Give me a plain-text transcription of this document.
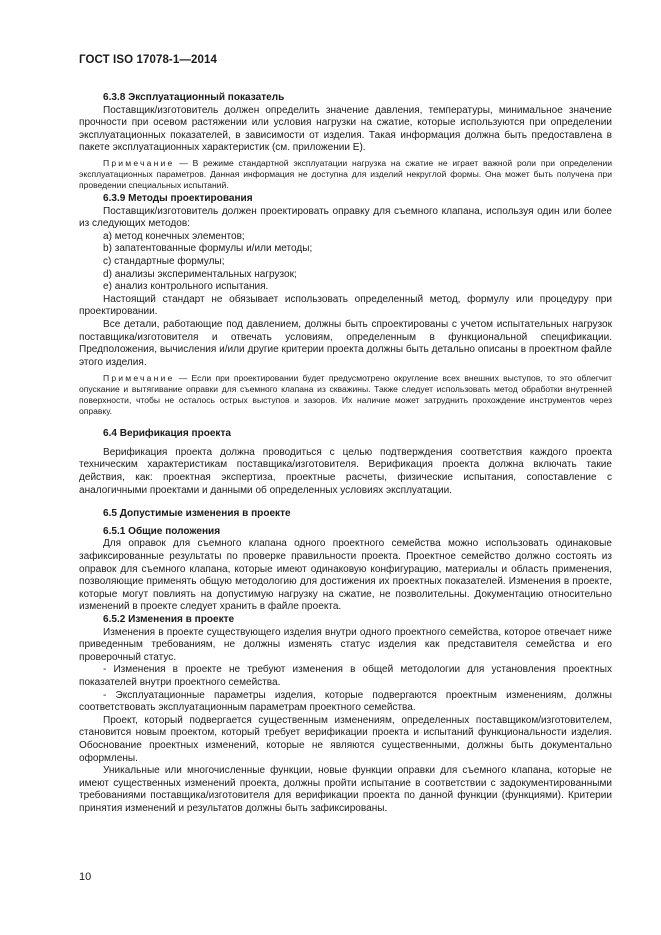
ГОСТ ISO 17078-1—2014

6.3.8 Эксплуатационный показатель

Поставщик/изготовитель должен определить значение давления, температуры, минимальное значение прочности при осевом растяжении или условия нагрузки на сжатие, которые используются при определении эксплуатационных показателей, в зависимости от изделия. Такая информация должна быть предоставлена в пакете эксплуатационных характеристик (см. приложении E).

Примечание — В режиме стандартной эксплуатации нагрузка на сжатие не играет важной роли при определении эксплуатационных параметров. Данная информация не доступна для изделий некруглой формы. Она может быть получена при проведении специальных испытаний.

6.3.9 Методы проектирования

Поставщик/изготовитель должен проектировать оправку для съемного клапана, используя один или более из следующих методов:

a) метод конечных элементов;

b) запатентованные формулы и/или методы;

c) стандартные формулы;

d) анализы экспериментальных нагрузок;

e) анализ контрольного испытания.

Настоящий стандарт не обязывает использовать определенный метод, формулу или процедуру при проектировании.

Все детали, работающие под давлением, должны быть спроектированы с учетом испытательных нагрузок поставщика/изготовителя и отвечать условиям, определенным в функциональной спецификации. Предположения, вычисления и/или другие критерии проекта должны быть детально описаны в проектном файле этого изделия.

Примечание — Если при проектировании будет предусмотрено округление всех внешних выступов, то это облегчит опускание и вытягивание оправки для съемного клапана из скважины. Также следует использовать метод обработки внутренней поверхности, чтобы не осталось острых выступов и зазоров. Их наличие может затруднить прохождение инструментов через оправку.

6.4 Верификация проекта

Верификация проекта должна проводиться с целью подтверждения соответствия каждого проекта техническим характеристикам поставщика/изготовителя. Верификация проекта должна включать такие действия, как: проектная экспертиза, проектные расчеты, физические испытания, сопоставление с аналогичными проектами и данными об определенных условиях эксплуатации.

6.5 Допустимые изменения в проекте

6.5.1 Общие положения

Для оправок для съемного клапана одного проектного семейства можно использовать одинаковые зафиксированные результаты по проверке правильности проекта. Проектное семейство должно состоять из оправок для съемного клапана, которые имеют одинаковую конфигурацию, материалы и область применения, позволяющие применять общую методологию для достижения их проектных показателей. Изменения в проекте, которые могут повлиять на допустимую нагрузку на сжатие, не позволительны. Документацию относительно изменений в проекте следует хранить в файле проекта.

6.5.2 Изменения в проекте

Изменения в проекте существующего изделия внутри одного проектного семейства, которое отвечает ниже приведенным требованиям, не должны изменять статус изделия как представителя семейства и его проверочный статус.

- Изменения в проекте не требуют изменения в общей методологии для установления проектных показателей внутри проектного семейства.

- Эксплуатационные параметры изделия, которые подвергаются проектным изменениям, должны соответствовать эксплуатационным параметрам проектного семейства.

Проект, который подвергается существенным изменениям, определенных поставщиком/изготовителем, становится новым проектом, который требует верификации проекта и испытаний функциональности изделия. Обоснование проектных изменений, которые не являются существенными, должны быть документально оформлены.

Уникальные или многочисленные функции, новые функции оправки для съемного клапана, которые не имеют существенных изменений проекта, должны пройти испытание в соответствии с задокументированными требованиями поставщика/изготовителя для верификации проекта по данной функции (функциями). Критерии принятия изменений и результатов должны быть зафиксированы.

10
